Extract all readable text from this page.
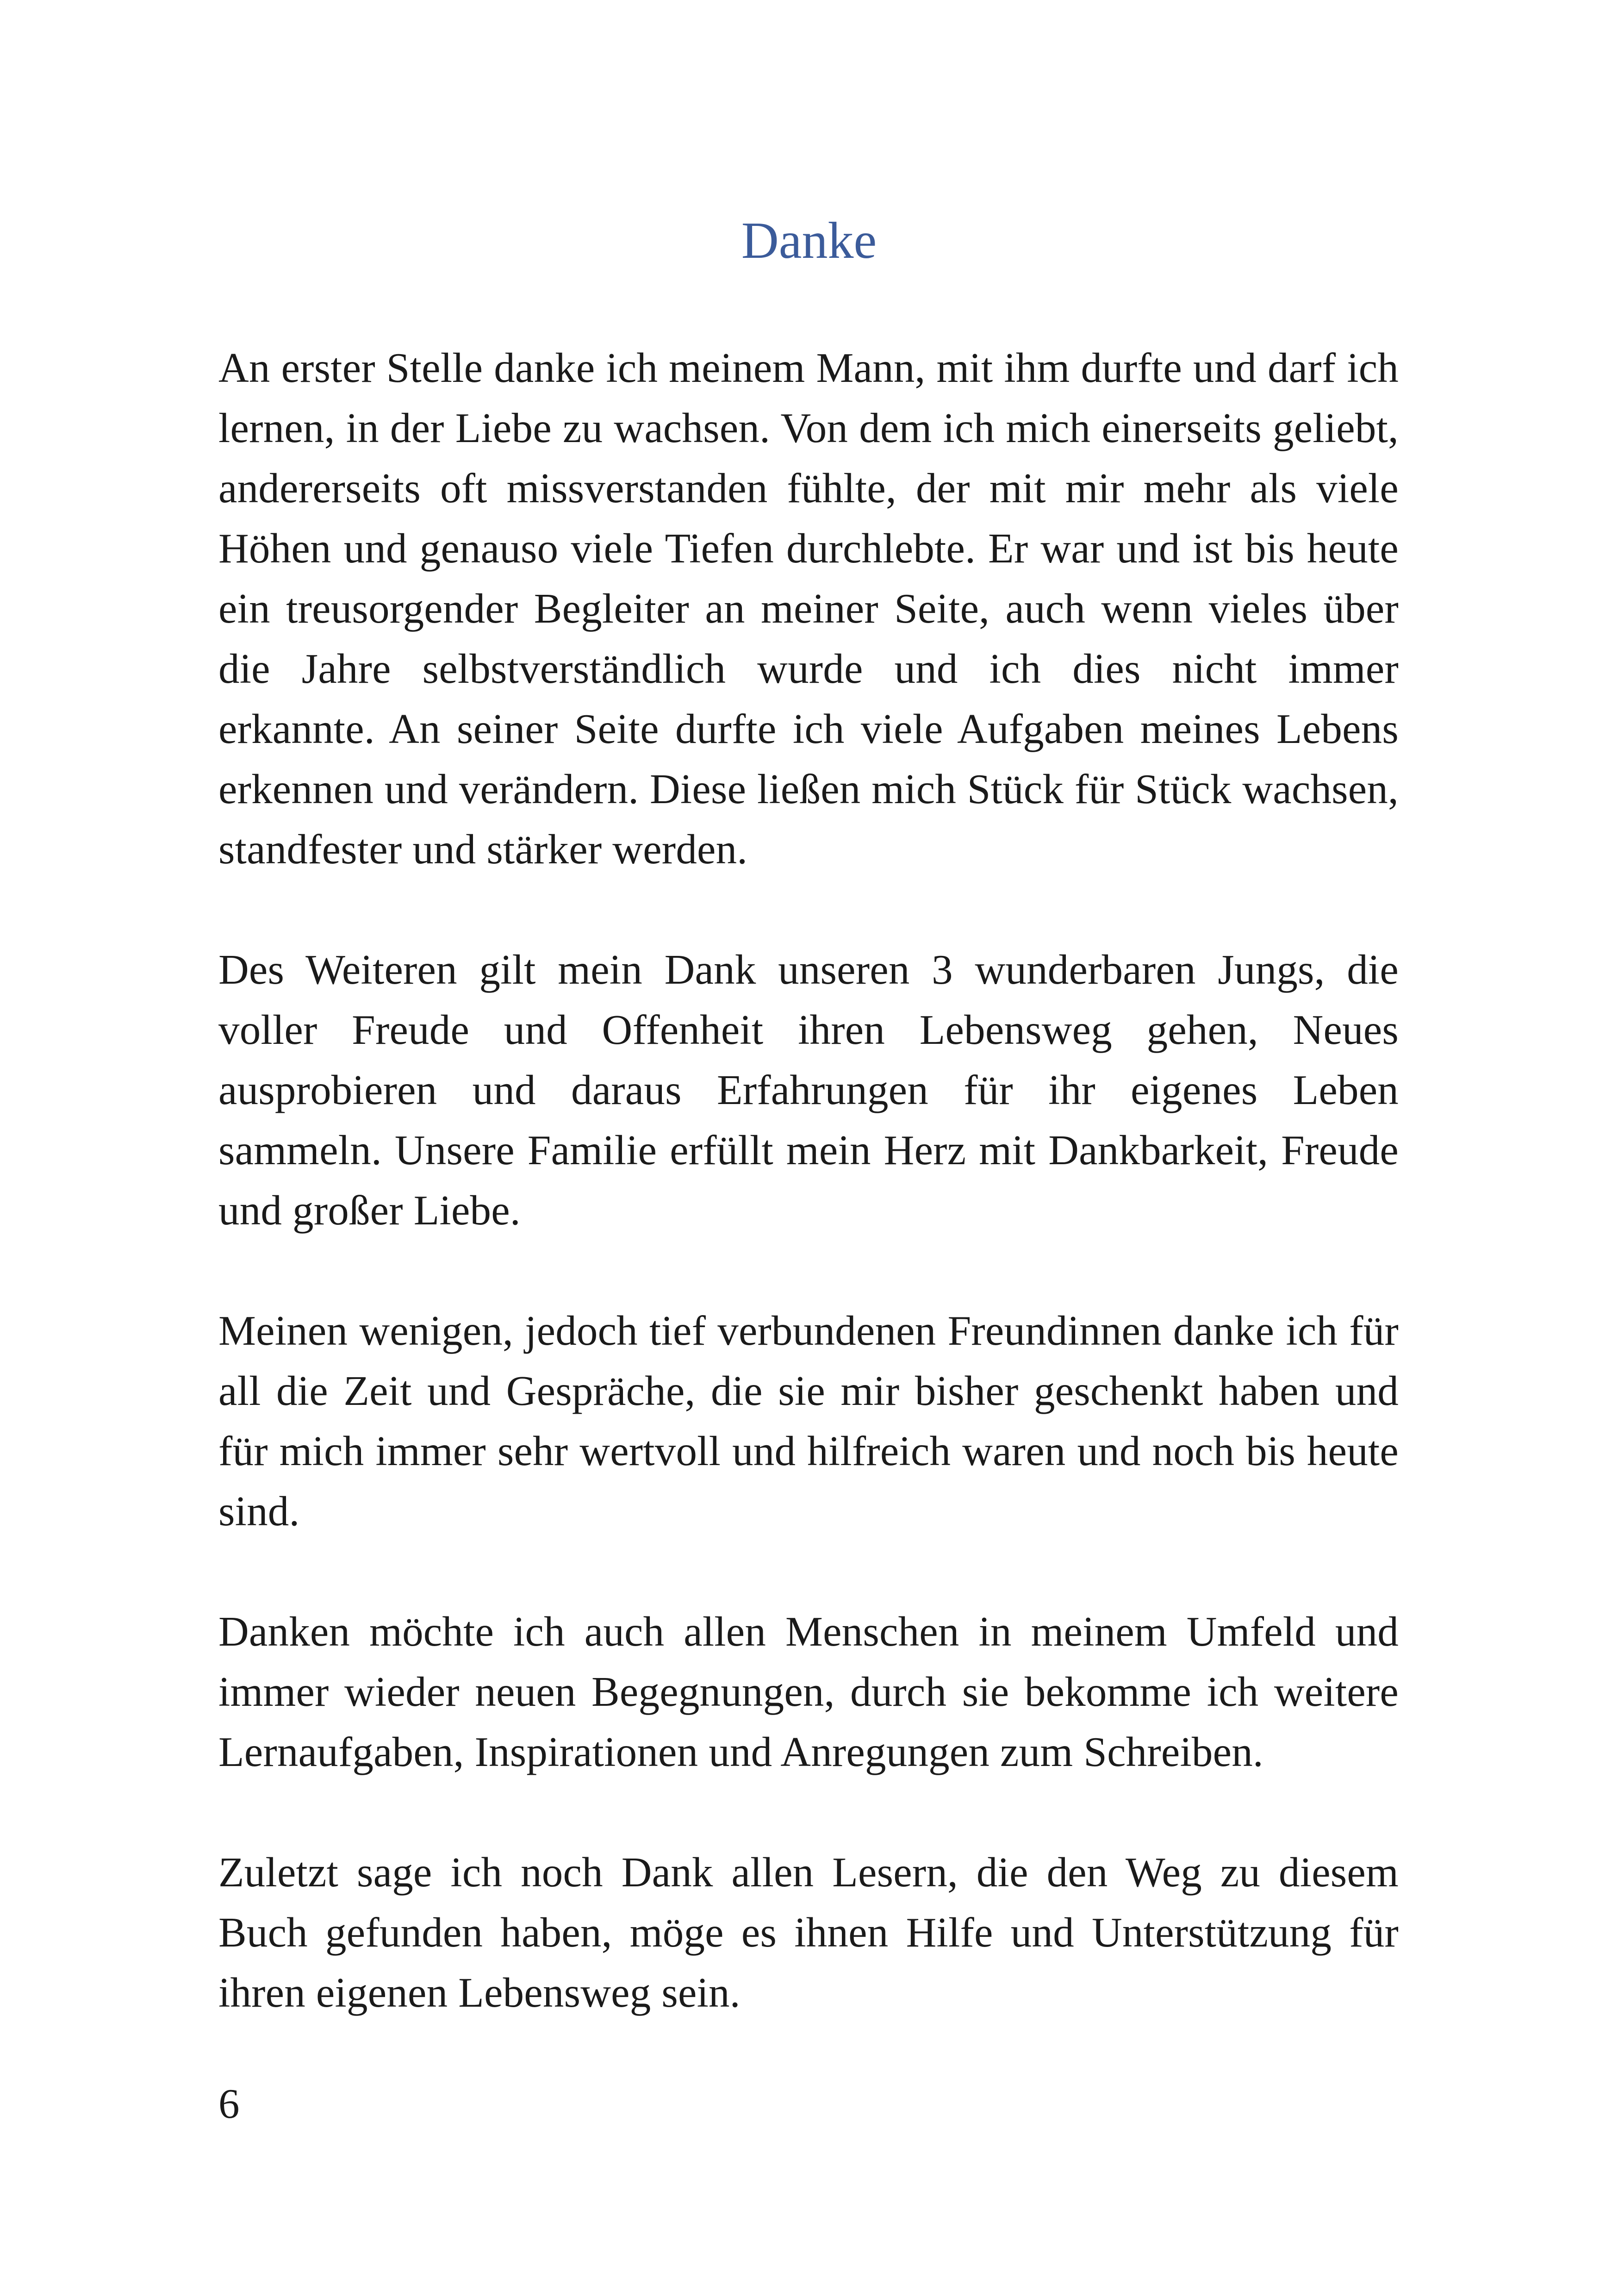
Danke

An erster Stelle danke ich meinem Mann, mit ihm durfte und darf ich lernen, in der Liebe zu wachsen. Von dem ich mich einerseits geliebt, andererseits oft missverstanden fühlte, der mit mir mehr als viele Höhen und genauso viele Tiefen durchlebte. Er war und ist bis heute ein treusorgender Begleiter an meiner Seite, auch wenn vieles über die Jahre selbstverständlich wurde und ich dies nicht immer erkannte. An seiner Seite durfte ich viele Aufgaben meines Lebens erkennen und verändern. Diese ließen mich Stück für Stück wachsen, standfester und stärker werden.

Des Weiteren gilt mein Dank unseren 3 wunderbaren Jungs, die voller Freude und Offenheit ihren Lebensweg gehen, Neues ausprobieren und daraus Erfahrungen für ihr eigenes Leben sammeln. Unsere Familie erfüllt mein Herz mit Dankbarkeit, Freude und großer Liebe.

Meinen wenigen, jedoch tief verbundenen Freundinnen danke ich für all die Zeit und Gespräche, die sie mir bisher geschenkt haben und für mich immer sehr wertvoll und hilfreich waren und noch bis heute sind.

Danken möchte ich auch allen Menschen in meinem Umfeld und immer wieder neuen Begegnungen, durch sie bekomme ich weitere Lernaufgaben, Inspirationen und Anregungen zum Schreiben.

Zuletzt sage ich noch Dank allen Lesern, die den Weg zu diesem Buch gefunden haben, möge es ihnen Hilfe und Unterstützung für ihren eigenen Lebensweg sein.

6
